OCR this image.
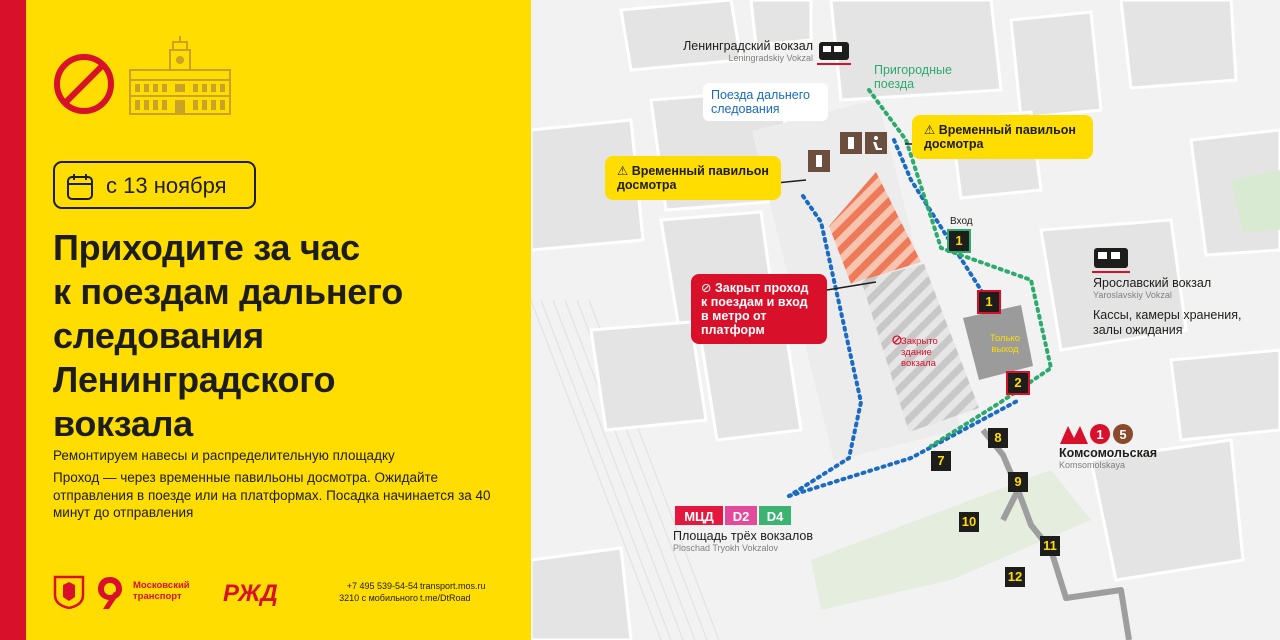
с 13 ноября
Приходите за час
к поездам дальнего
следования
Ленинградского
вокзала
Ремонтируем навесы и распределительную площадку
Проход — через временные павильоны досмотра. Ожидайте отправления в поезде или на платформах. Посадка начинается за 40 минут до отправления
Московский транспорт	РЖД	+7 495 539-54-54
3210 с мобильного
transport.mos.ru
t.me/DtRoad
1 5
МЦД D2 D4
Ленинградский вокзал
Leningradskiy Vokzal
Пригородные поезда
Поезда дальнего следования
⚠ Временный павильон досмотра
⚠ Временный павильон досмотра
⊘ Закрыт проход к поездам и вход в метро от платформ
Закрыто здание вокзала
Только выход
Вход
Ярославский вокзал
Yaroslavskiy Vokzal
Кассы, камеры хранения, залы ожидания
Комсомольская
Komsomolskaya
Площадь трёх вокзалов
Ploschad Tryokh Vokzalov
1
1
2
7
8
9
10
11
12
